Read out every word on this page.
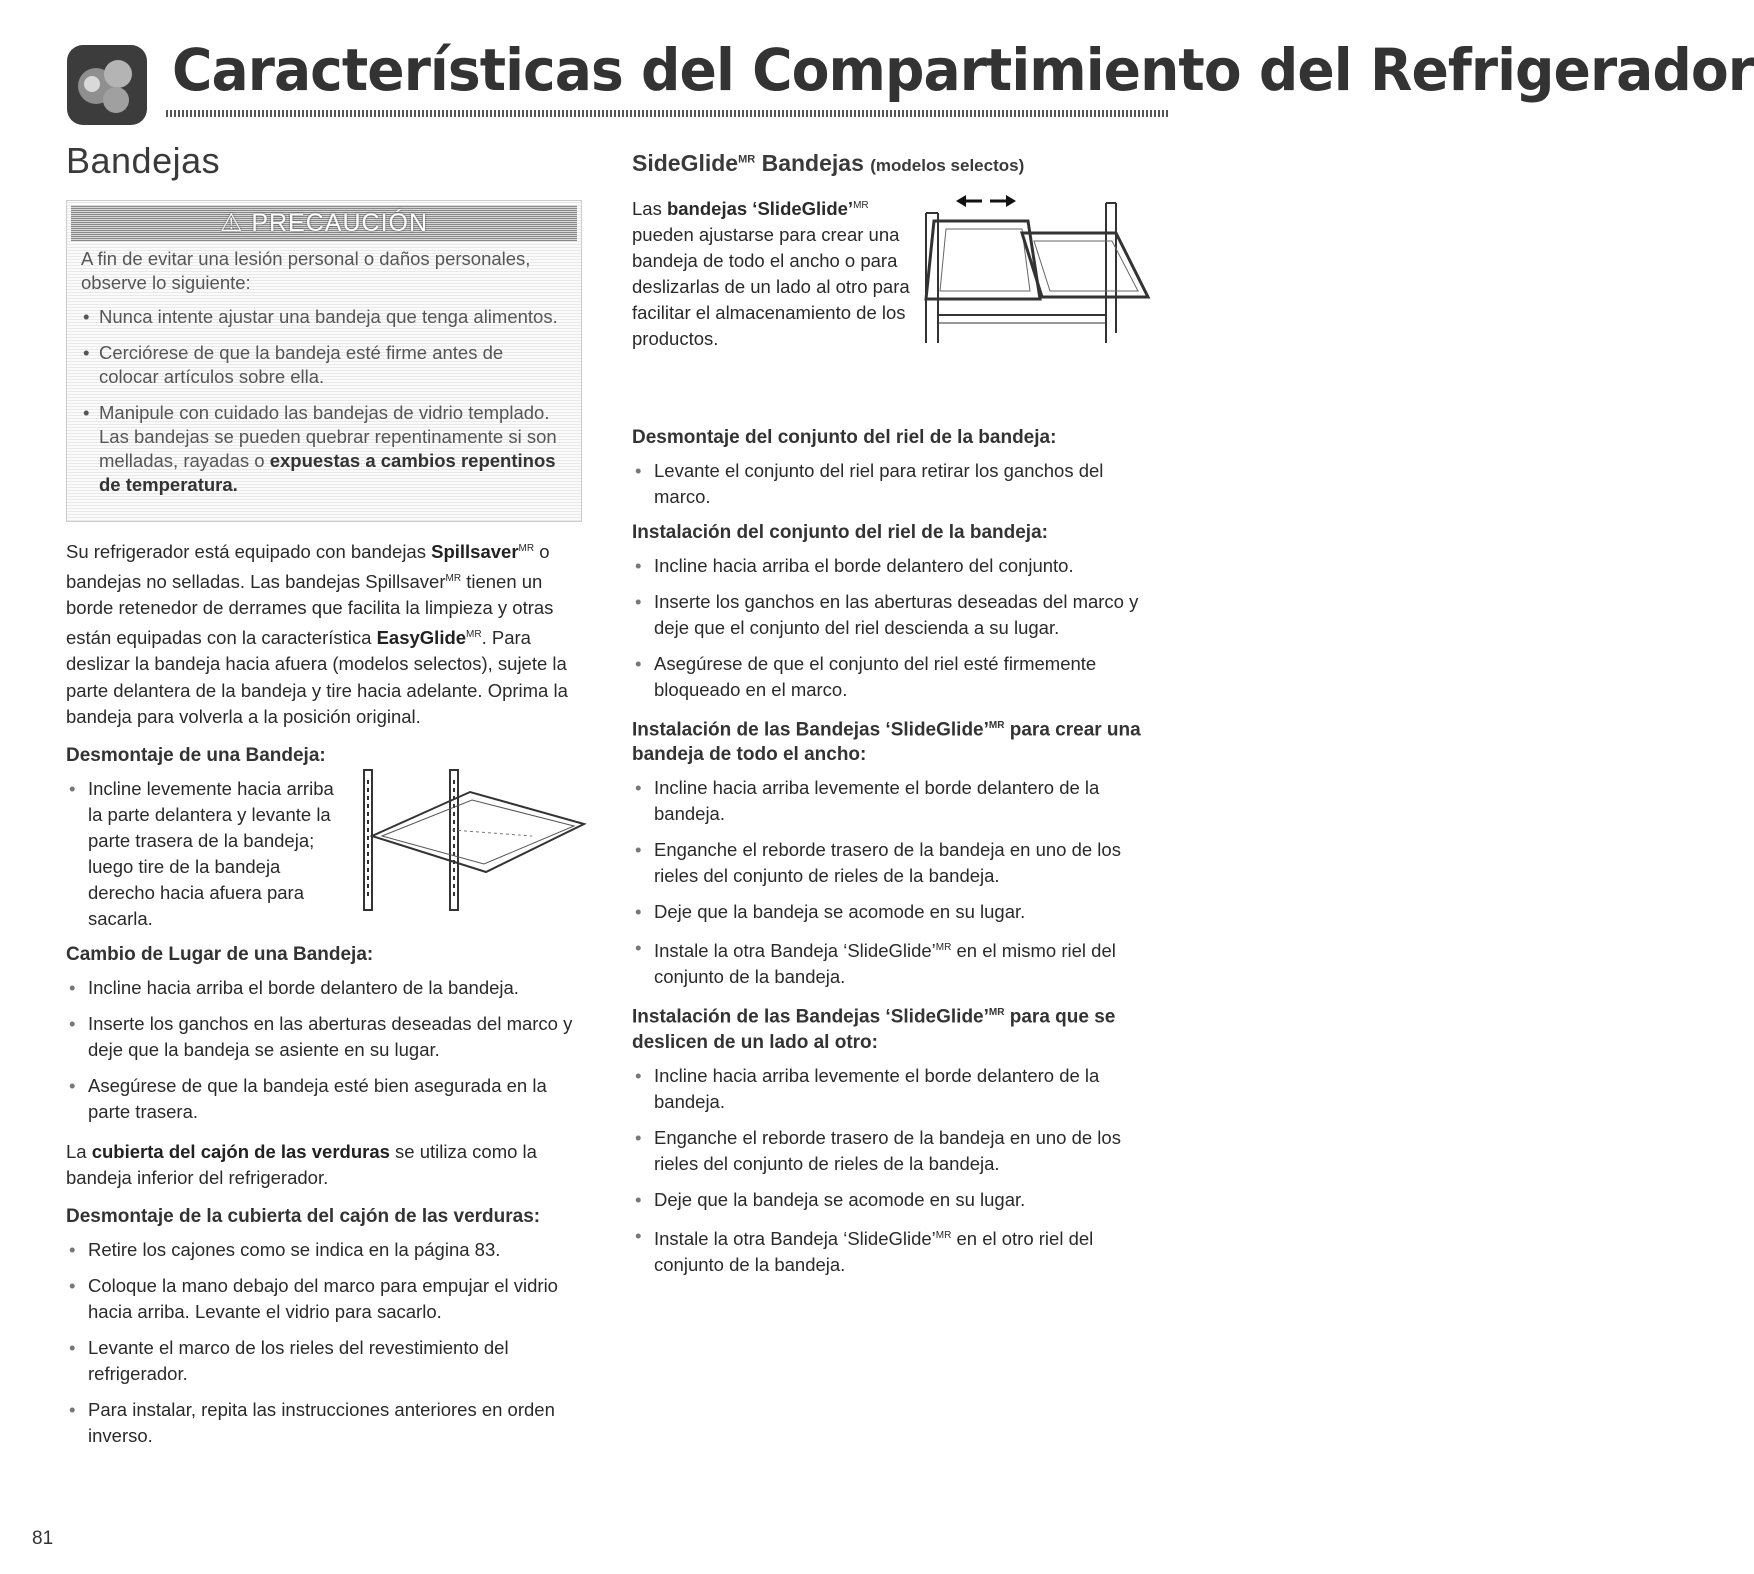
Características del Compartimiento del Refrigerador
Bandejas
⚠ PRECAUCIÓN

A fin de evitar una lesión personal o daños personales, observe lo siguiente:

• Nunca intente ajustar una bandeja que tenga alimentos.
• Cerciórese de que la bandeja esté firme antes de colocar artículos sobre ella.
• Manipule con cuidado las bandejas de vidrio templado. Las bandejas se pueden quebrar repentinamente si son melladas, rayadas o expuestas a cambios repentinos de temperatura.

Su refrigerador está equipado con bandejas Spillsaver$^{MR}$ o bandejas no selladas. Las bandejas Spillsaver$^{MR}$ tienen un borde retenedor de derrames que facilita la limpieza y otras están equipadas con la característica EasyGlide$^{MR}$. Para deslizar la bandeja hacia afuera (modelos selectos), sujete la parte delantera de la bandeja y tire hacia adelante. Oprima la bandeja para volverla a la posición original.

Desmontaje de una Bandeja:
• Incline levemente hacia arriba la parte delantera y levante la parte trasera de la bandeja; luego tire de la bandeja derecho hacia afuera para sacarla.
Cambio de Lugar de una Bandeja:
• Incline hacia arriba el borde delantero de la bandeja.
• Inserte los ganchos en las aberturas deseadas del marco y deje que la bandeja se asiente en su lugar.
• Asegúrese de que la bandeja esté bien asegurada en la parte trasera.

La cubierta del cajón de las verduras se utiliza como la bandeja inferior del refrigerador.

Desmontaje de la cubierta del cajón de las verduras:
• Retire los cajones como se indica en la página 83.
• Coloque la mano debajo del marco para empujar el vidrio hacia arriba. Levante el vidrio para sacarlo.
• Levante el marco de los rieles del revestimiento del refrigerador.
• Para instalar, repita las instrucciones anteriores en orden inverso.
SideGlide$^{MR}$ Bandejas (modelos selectos)

Las bandejas ‘SlideGlide’$^{MR}$ pueden ajustarse para crear una bandeja de todo el ancho o para deslizarlas de un lado al otro para facilitar el almacenamiento de los productos.

Desmontaje del conjunto del riel de la bandeja:
• Levante el conjunto del riel para retirar los ganchos del marco.
Instalación del conjunto del riel de la bandeja:
• Incline hacia arriba el borde delantero del conjunto.
• Inserte los ganchos en las aberturas deseadas del marco y deje que el conjunto del riel descienda a su lugar.
• Asegúrese de que el conjunto del riel esté firmemente bloqueado en el marco.
Instalación de las Bandejas ‘SlideGlide’$^{MR}$ para crear una bandeja de todo el ancho:
• Incline hacia arriba levemente el borde delantero de la bandeja.
• Enganche el reborde trasero de la bandeja en uno de los rieles del conjunto de rieles de la bandeja.
• Deje que la bandeja se acomode en su lugar.
• Instale la otra Bandeja ‘SlideGlide’$^{MR}$ en el mismo riel del conjunto de la bandeja.
Instalación de las Bandejas ‘SlideGlide’$^{MR}$ para que se deslicen de un lado al otro:
• Incline hacia arriba levemente el borde delantero de la bandeja.
• Enganche el reborde trasero de la bandeja en uno de los rieles del conjunto de rieles de la bandeja.
• Deje que la bandeja se acomode en su lugar.
• Instale la otra Bandeja ‘SlideGlide’$^{MR}$ en el otro riel del conjunto de la bandeja.
81
